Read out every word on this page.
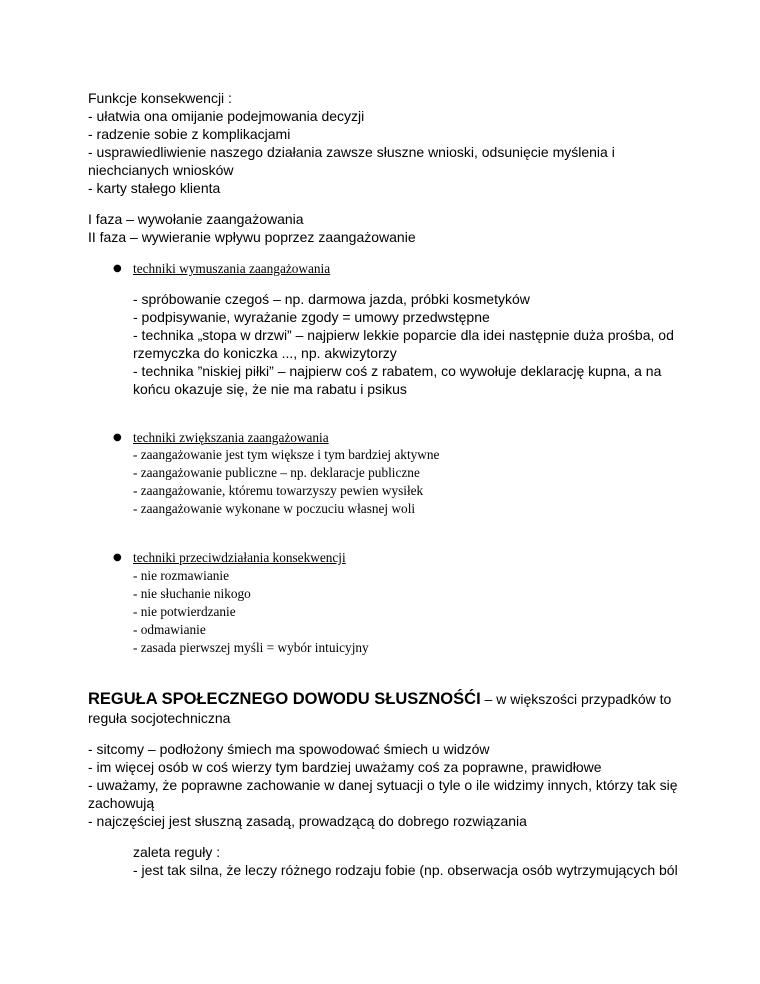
Funkcje konsekwencji :
- ułatwia ona omijanie podejmowania decyzji
- radzenie sobie z komplikacjami
- usprawiedliwienie naszego działania zawsze słuszne wnioski, odsunięcie myślenia i
niechcianych wniosków
- karty stałego klienta
I faza – wywołanie zaangażowania
II faza – wywieranie wpływu poprzez zaangażowanie
● techniki wymuszania zaangażowania
- spróbowanie czegoś – np. darmowa jazda, próbki kosmetyków
- podpisywanie, wyrażanie zgody = umowy przedwstępne
- technika „stopa w drzwi” – najpierw lekkie poparcie dla idei następnie duża prośba, od
rzemyczka do koniczka ..., np. akwizytorzy
- technika ”niskiej piłki” – najpierw coś z rabatem, co wywołuje deklarację kupna, a na
końcu okazuje się, że nie ma rabatu i psikus
● techniki zwiększania zaangażowania
- zaangażowanie jest tym większe i tym bardziej aktywne
- zaangażowanie publiczne – np. deklaracje publiczne
- zaangażowanie, któremu towarzyszy pewien wysiłek
- zaangażowanie wykonane w poczuciu własnej woli
● techniki przeciwdziałania konsekwencji
- nie rozmawianie
- nie słuchanie nikogo
- nie potwierdzanie
- odmawianie
- zasada pierwszej myśli = wybór intuicyjny
REGUŁA SPOŁECZNEGO DOWODU SŁUSZNOŚĆI – w większości przypadków to
reguła socjotechniczna
- sitcomy – podłożony śmiech ma spowodować śmiech u widzów
- im więcej osób w coś wierzy tym bardziej uważamy coś za poprawne, prawidłowe
- uważamy, że poprawne zachowanie w danej sytuacji o tyle o ile widzimy innych, którzy tak się
zachowują
- najczęściej jest słuszną zasadą, prowadzącą do dobrego rozwiązania
zaleta reguły :
- jest tak silna, że leczy różnego rodzaju fobie (np. obserwacja osób wytrzymujących ból
